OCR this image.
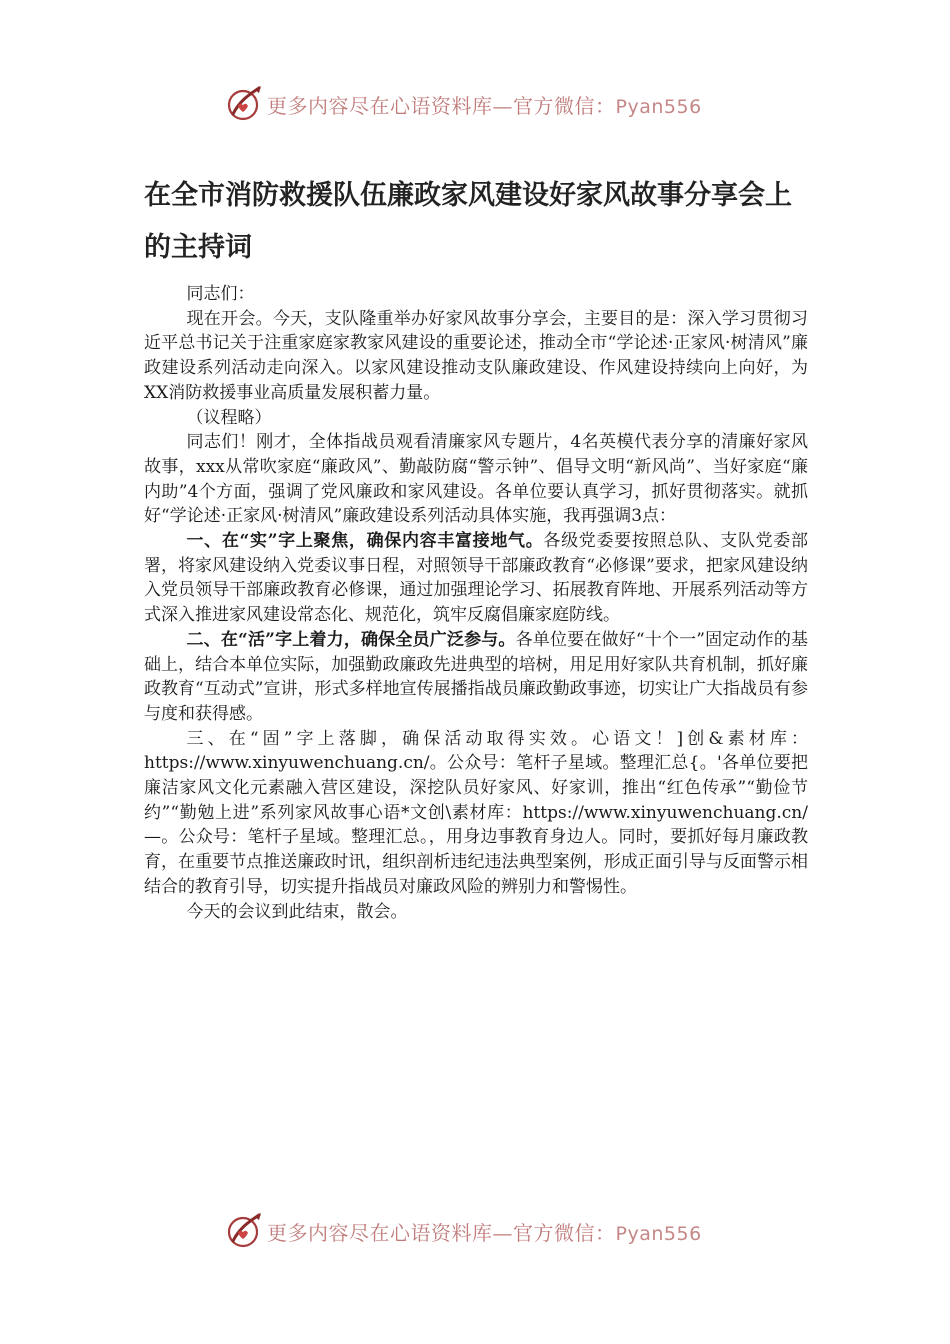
更多内容尽在心语资料库—官方微信：Pyan556
在全市消防救援队伍廉政家风建设好家风故事分享会上的主持词

同志们：

现在开会。今天，支队隆重举办好家风故事分享会，主要目的是：深入学习贯彻习近平总书记关于注重家庭家教家风建设的重要论述，推动全市“学论述·正家风·树清风”廉政建设系列活动走向深入。以家风建设推动支队廉政建设、作风建设持续向上向好，为XX消防救援事业高质量发展积蓄力量。

（议程略）

同志们！刚才，全体指战员观看清廉家风专题片，4名英模代表分享的清廉好家风故事，xxx从常吹家庭“廉政风”、勤敲防腐“警示钟”、倡导文明“新风尚”、当好家庭“廉内助”4个方面，强调了党风廉政和家风建设。各单位要认真学习，抓好贯彻落实。就抓好“学论述·正家风·树清风”廉政建设系列活动具体实施，我再强调3点：

一、在“实”字上聚焦，确保内容丰富接地气。各级党委要按照总队、支队党委部署，将家风建设纳入党委议事日程，对照领导干部廉政教育“必修课”要求，把家风建设纳入党员领导干部廉政教育必修课，通过加强理论学习、拓展教育阵地、开展系列活动等方式深入推进家风建设常态化、规范化，筑牢反腐倡廉家庭防线。

二、在“活”字上着力，确保全员广泛参与。各单位要在做好“十个一”固定动作的基础上，结合本单位实际，加强勤政廉政先进典型的培树，用足用好家队共育机制，抓好廉政教育“互动式”宣讲，形式多样地宣传展播指战员廉政勤政事迹，切实让广大指战员有参与度和获得感。

三、在“固”字上落脚，确保活动取得实效。心语文！]创&素材库：https://www.xinyuwenchuang.cn/。公众号：笔杆子星域。整理汇总{。'各单位要把廉洁家风文化元素融入营区建设，深挖队员好家风、好家训，推出“红色传承”“勤俭节约”“勤勉上进”系列家风故事心语*文创\素材库：https://www.xinyuwenchuang.cn/—。公众号：笔杆子星域。整理汇总。，用身边事教育身边人。同时，要抓好每月廉政教育，在重要节点推送廉政时讯，组织剖析违纪违法典型案例，形成正面引导与反面警示相结合的教育引导，切实提升指战员对廉政风险的辨别力和警惕性。

今天的会议到此结束，散会。

更多内容尽在心语资料库—官方微信：Pyan556
